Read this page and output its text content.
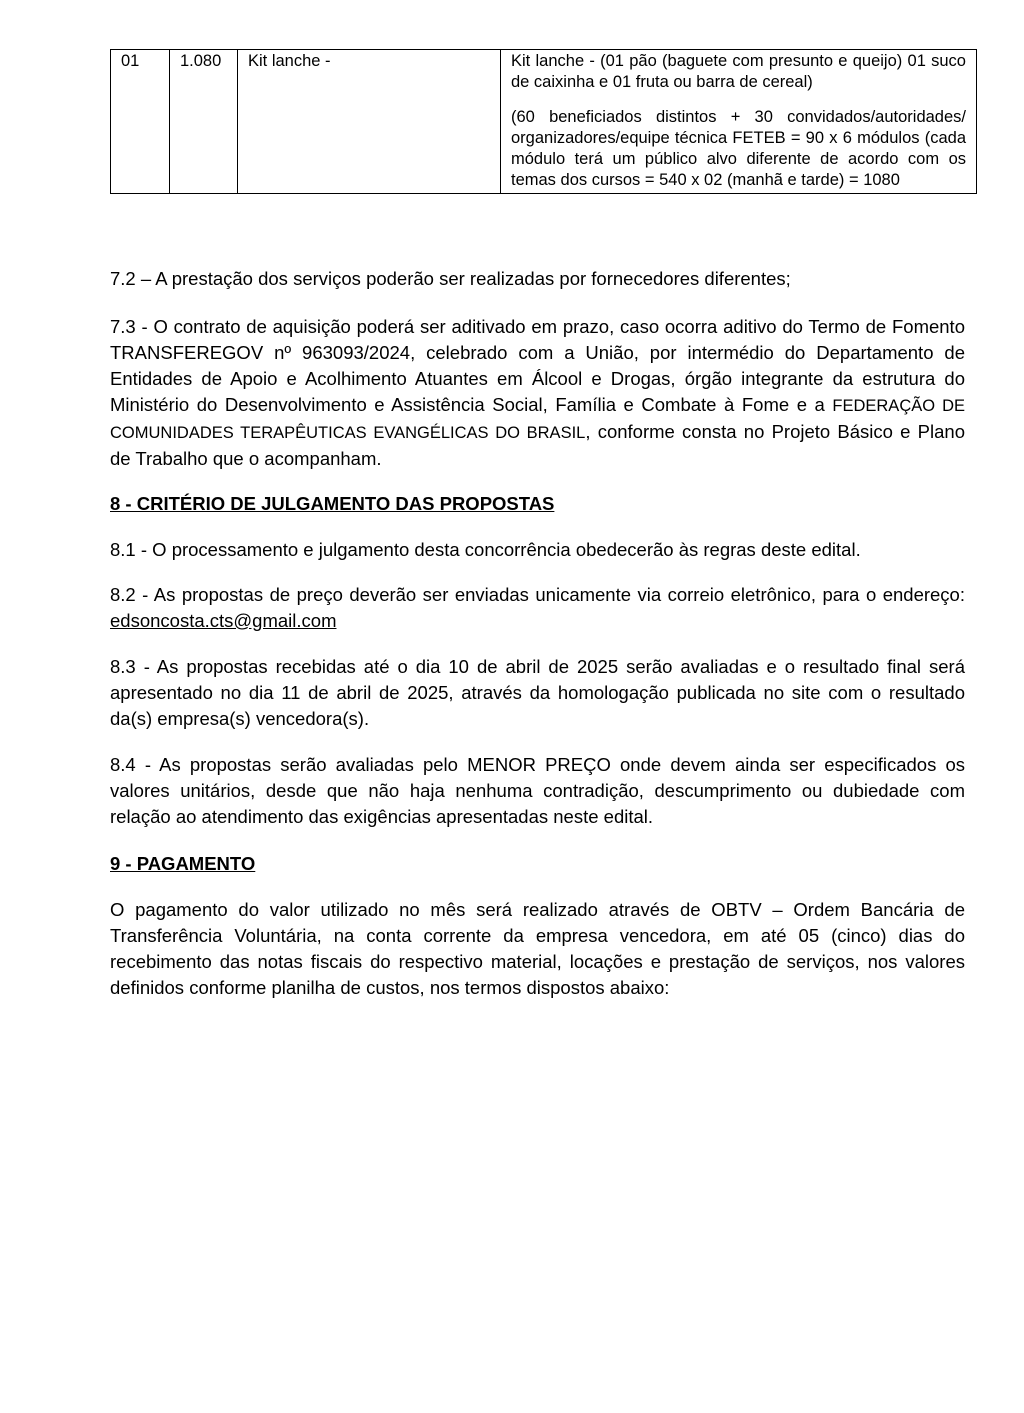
01	1.080	Kit lanche -	Kit lanche - (01 pão (baguete com presunto e queijo) 01 suco de caixinha e 01 fruta ou barra de cereal)

(60 beneficiados distintos + 30 convidados/autoridades/ organizadores/equipe técnica FETEB = 90 x 6 módulos (cada módulo terá um público alvo diferente de acordo com os temas dos cursos = 540 x 02 (manhã e tarde) = 1080

7.2 – A prestação dos serviços poderão ser realizadas por fornecedores diferentes;

7.3 - O contrato de aquisição poderá ser aditivado em prazo, caso ocorra aditivo do Termo de Fomento TRANSFEREGOV nº 963093/2024, celebrado com a União, por intermédio do Departamento de Entidades de Apoio e Acolhimento Atuantes em Álcool e Drogas, órgão integrante da estrutura do Ministério do Desenvolvimento e Assistência Social, Família e Combate à Fome e a FEDERAÇÃO DE COMUNIDADES TERAPÊUTICAS EVANGÉLICAS DO BRASIL, conforme consta no Projeto Básico e Plano de Trabalho que o acompanham.

8 - CRITÉRIO DE JULGAMENTO DAS PROPOSTAS

8.1 - O processamento e julgamento desta concorrência obedecerão às regras deste edital.

8.2 - As propostas de preço deverão ser enviadas unicamente via correio eletrônico, para o endereço: edsoncosta.cts@gmail.com

8.3 - As propostas recebidas até o dia 10 de abril de 2025 serão avaliadas e o resultado final será apresentado no dia 11 de abril de 2025, através da homologação publicada no site com o resultado da(s) empresa(s) vencedora(s).

8.4 - As propostas serão avaliadas pelo MENOR PREÇO onde devem ainda ser especificados os valores unitários, desde que não haja nenhuma contradição, descumprimento ou dubiedade com relação ao atendimento das exigências apresentadas neste edital.

9 - PAGAMENTO

O pagamento do valor utilizado no mês será realizado através de OBTV – Ordem Bancária de Transferência Voluntária, na conta corrente da empresa vencedora, em até 05 (cinco) dias do recebimento das notas fiscais do respectivo material, locações e prestação de serviços, nos valores definidos conforme planilha de custos, nos termos dispostos abaixo:
